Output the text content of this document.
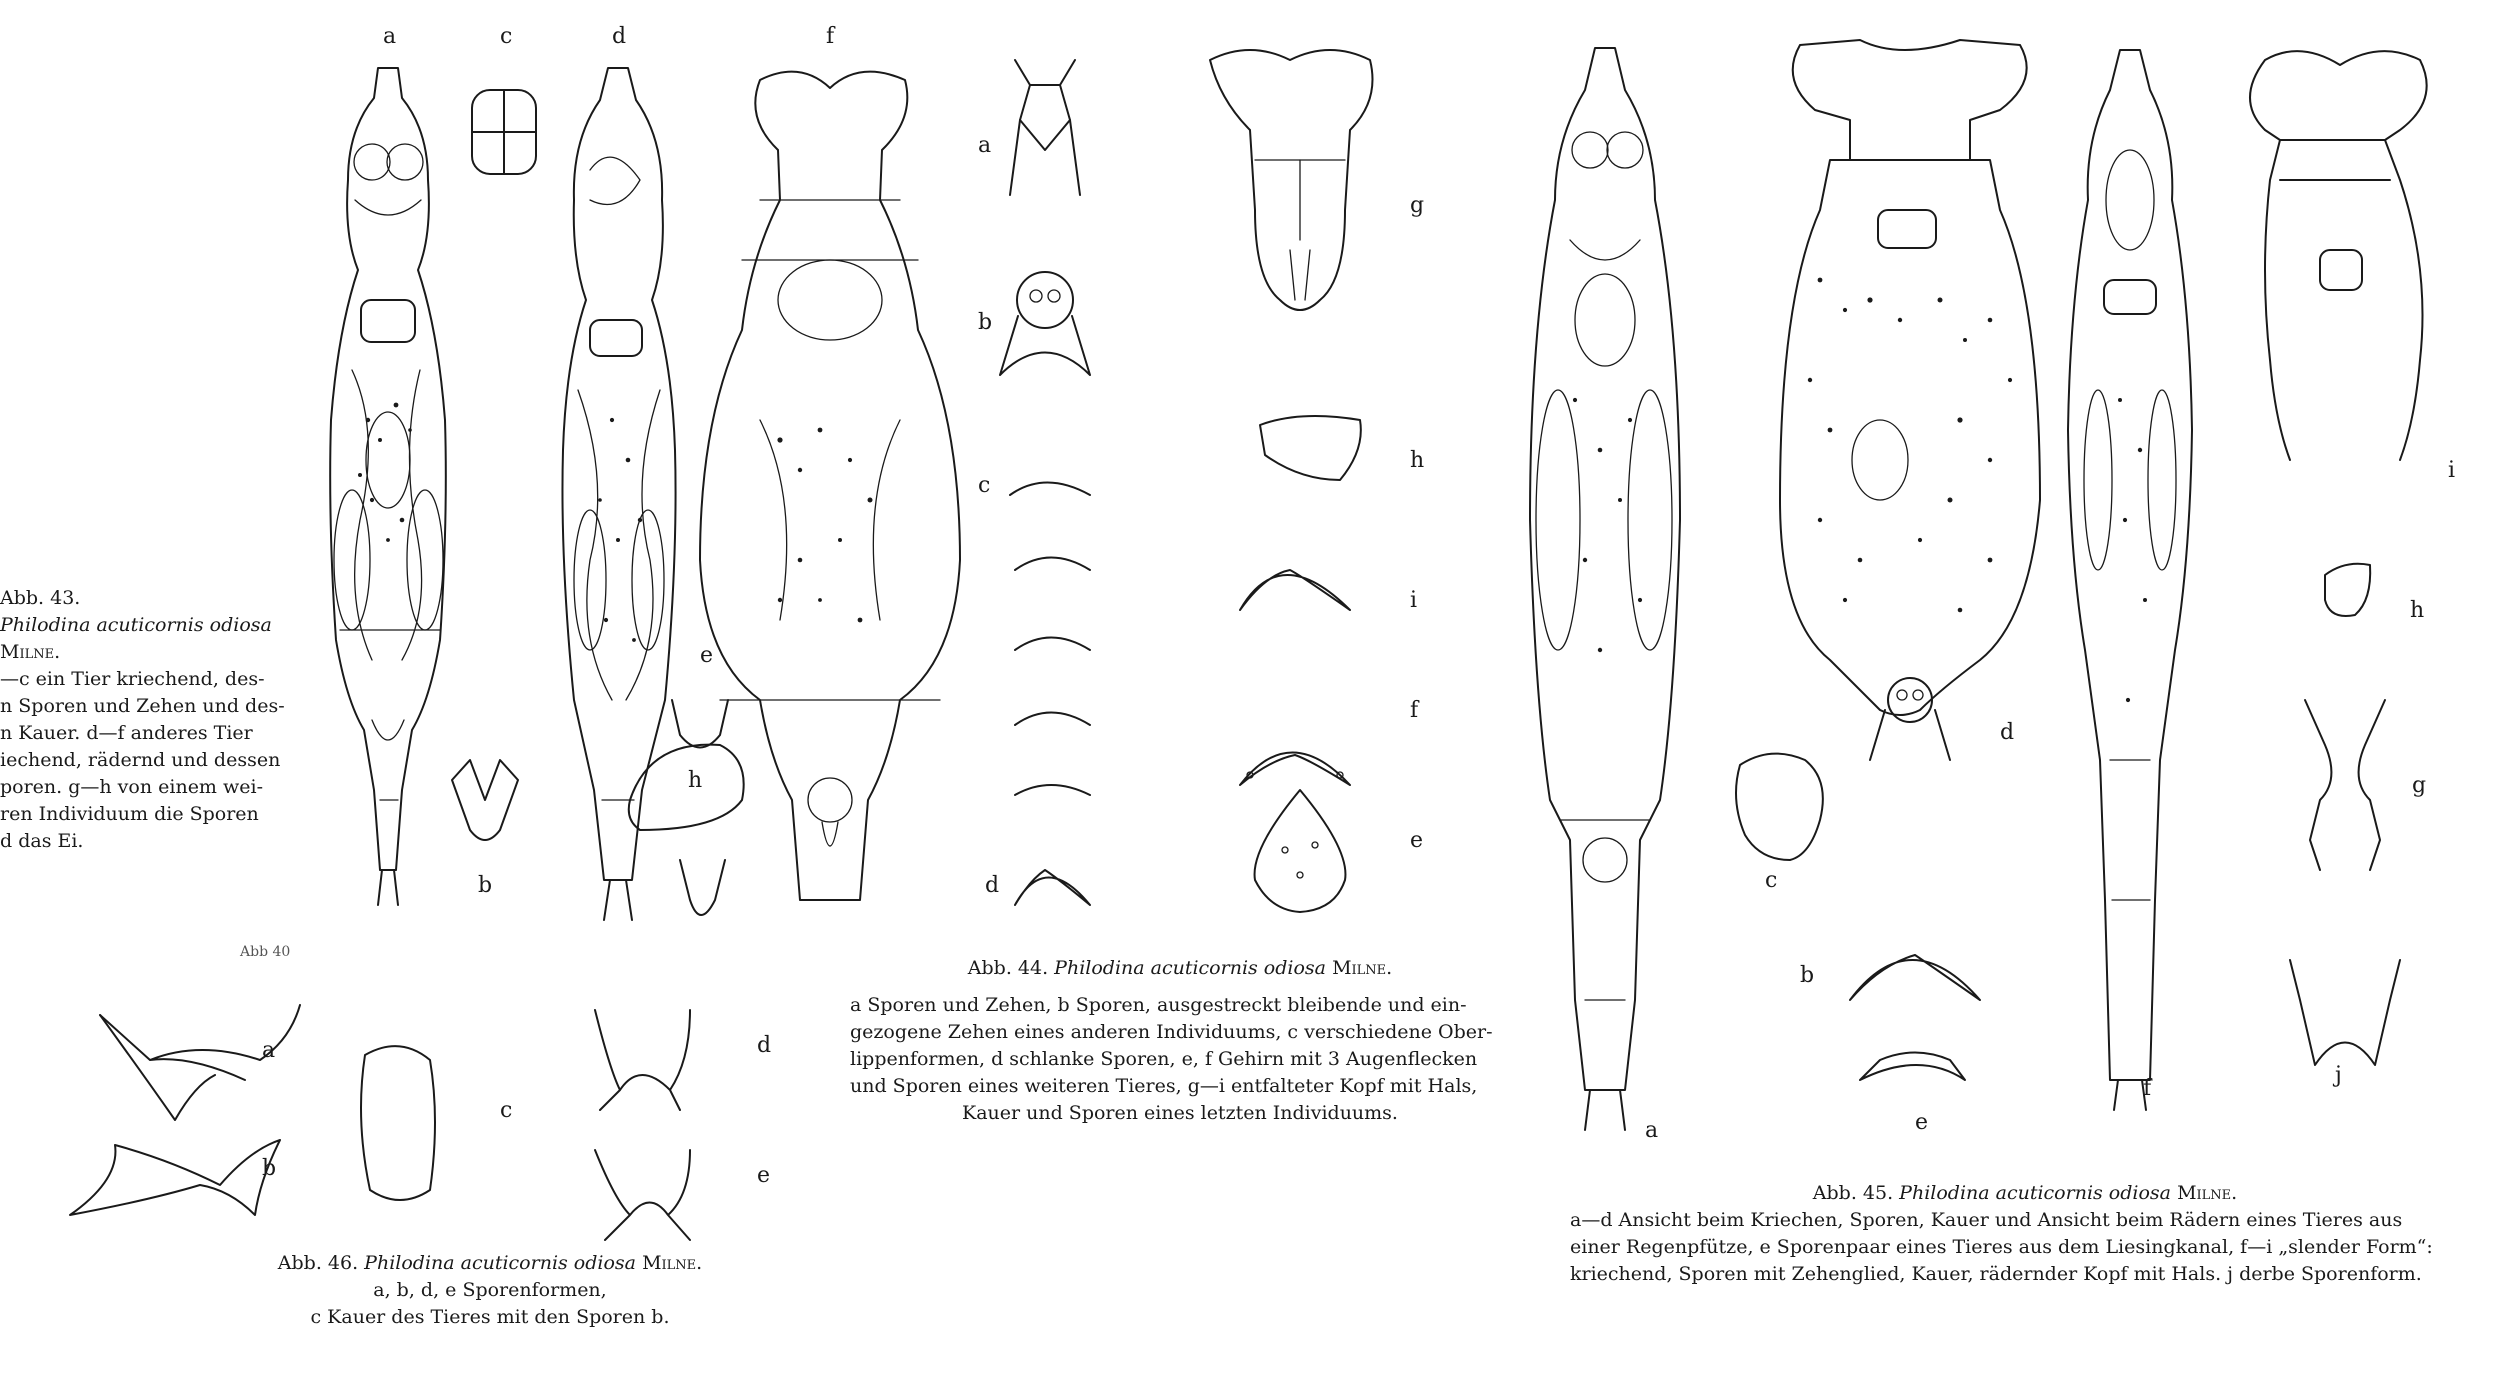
a	c	d	f
e
h
b
a
b
c
d
g
h
i
f
e
i
h
g
j
d
c
b
a	e
f
a
b
c
d
e
Abb. 43.
Philodina acuticornis odiosa
Milne.
—c ein Tier kriechend, des-
n Sporen und Zehen und des-
n Kauer. d—f anderes Tier
iechend, rädernd und dessen
poren. g—h von einem wei-
ren Individuum die Sporen
d das Ei.
Abb 40
Abb. 44. Philodina acuticornis odiosa Milne.
a Sporen und Zehen, b Sporen, ausgestreckt bleibende und ein-
gezogene Zehen eines anderen Individuums, c verschiedene Ober-
lippenformen, d schlanke Sporen, e, f Gehirn mit 3 Augenflecken
und Sporen eines weiteren Tieres, g—i entfalteter Kopf mit Hals,
Kauer und Sporen eines letzten Individuums.
Abb. 45. Philodina acuticornis odiosa Milne.
a—d Ansicht beim Kriechen, Sporen, Kauer und Ansicht beim Rädern eines Tieres aus
einer Regenpfütze, e Sporenpaar eines Tieres aus dem Liesingkanal, f—i „slender Form“:
kriechend, Sporen mit Zehenglied, Kauer, rädernder Kopf mit Hals. j derbe Sporenform.
Abb. 46. Philodina acuticornis odiosa Milne.
a, b, d, e Sporenformen,
c Kauer des Tieres mit den Sporen b.
